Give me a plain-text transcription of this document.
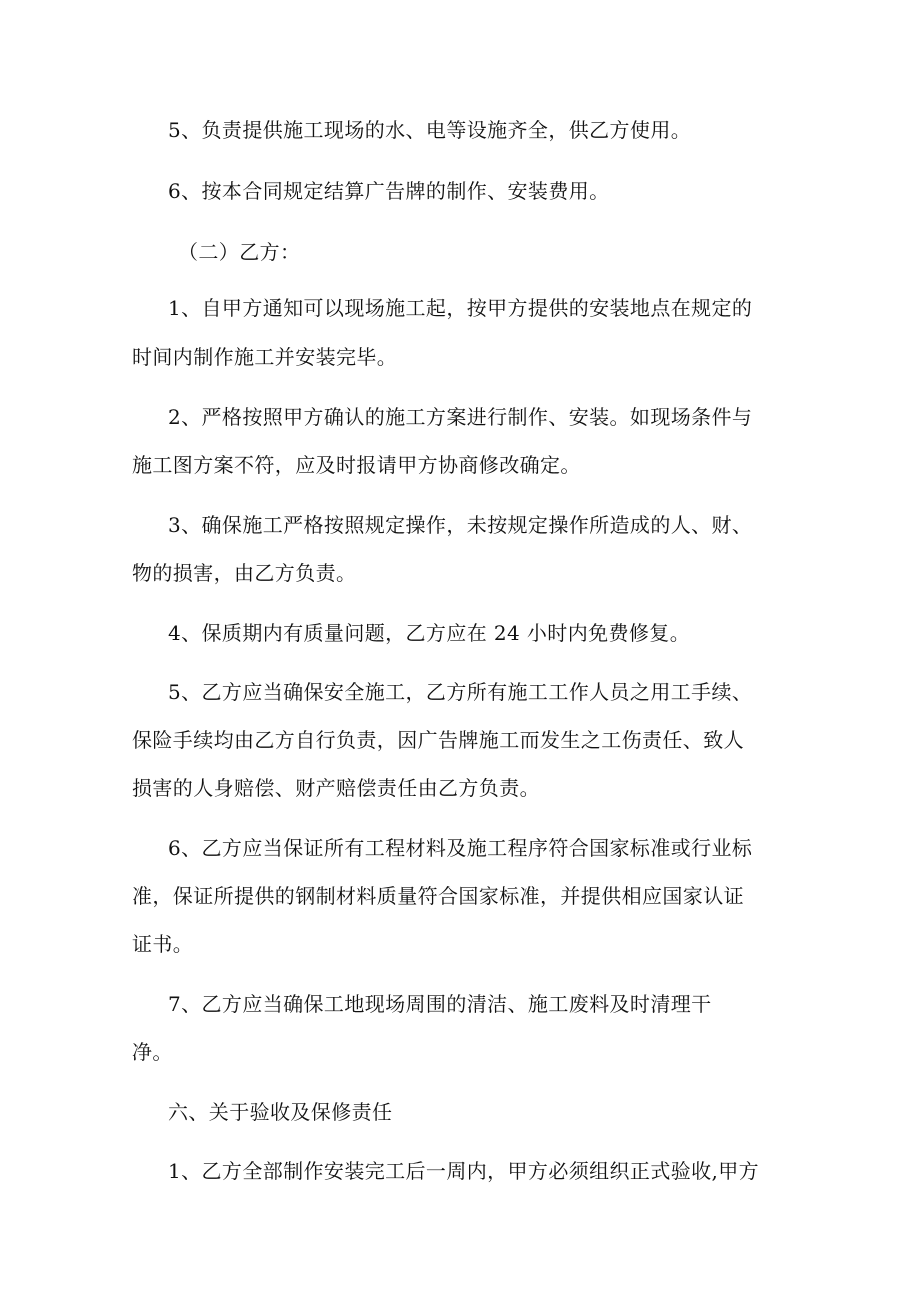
5、负责提供施工现场的水、电等设施齐全，供乙方使用。
6、按本合同规定结算广告牌的制作、安装费用。
（二）乙方：
1、自甲方通知可以现场施工起，按甲方提供的安装地点在规定的
时间内制作施工并安装完毕。
2、严格按照甲方确认的施工方案进行制作、安装。如现场条件与
施工图方案不符，应及时报请甲方协商修改确定。
3、确保施工严格按照规定操作，未按规定操作所造成的人、财、
物的损害，由乙方负责。
4、保质期内有质量问题，乙方应在 24 小时内免费修复。
5、乙方应当确保安全施工，乙方所有施工工作人员之用工手续、
保险手续均由乙方自行负责，因广告牌施工而发生之工伤责任、致人
损害的人身赔偿、财产赔偿责任由乙方负责。
6、乙方应当保证所有工程材料及施工程序符合国家标准或行业标
准，保证所提供的钢制材料质量符合国家标准，并提供相应国家认证
证书。
7、乙方应当确保工地现场周围的清洁、施工废料及时清理干
净。
六、关于验收及保修责任
1、乙方全部制作安装完工后一周内，甲方必须组织正式验收,甲方
